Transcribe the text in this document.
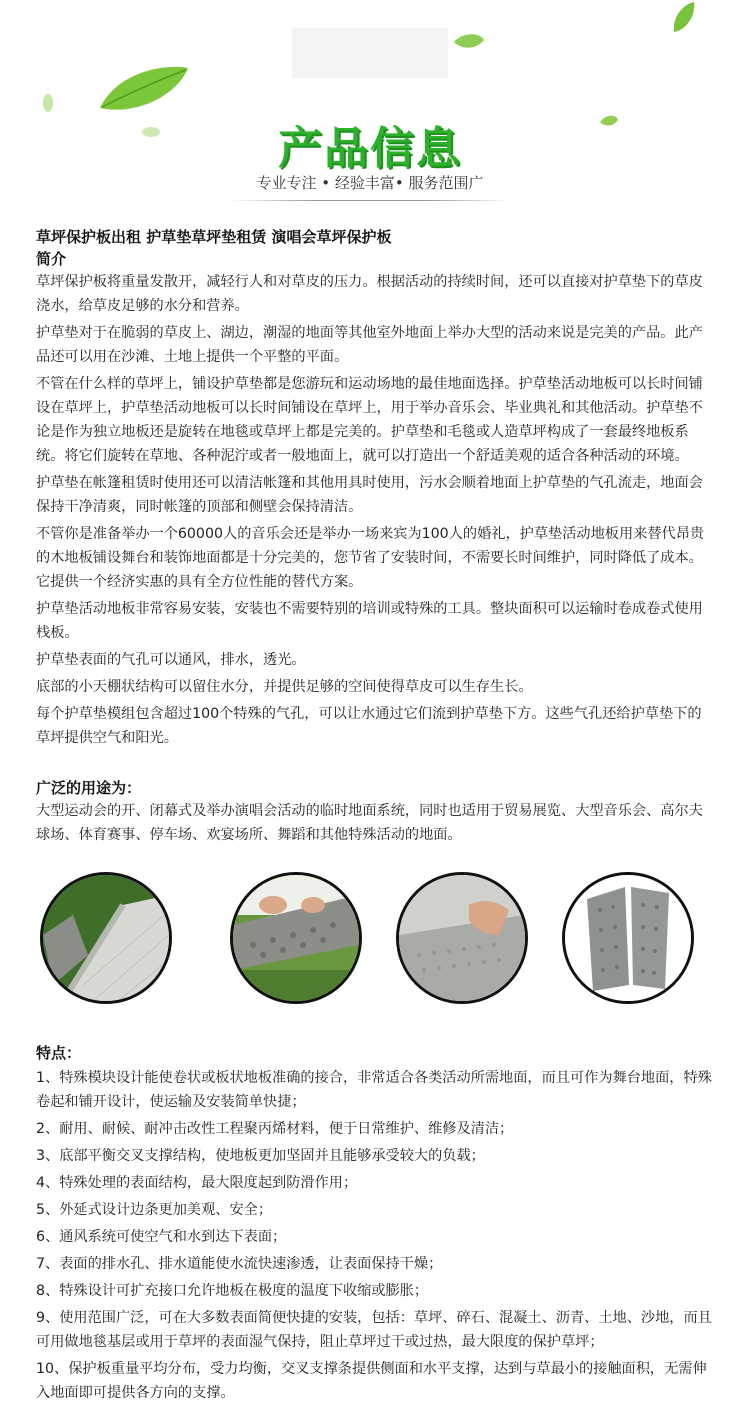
产品信息
专业专注 • 经验丰富• 服务范围广
草坪保护板出租 护草垫草坪垫租赁 演唱会草坪保护板
简介

草坪保护板将重量发散开，减轻行人和对草皮的压力。根据活动的持续时间，还可以直接对护草垫下的草皮浇水，给草皮足够的水分和营养。

护草垫对于在脆弱的草皮上、湖边，潮湿的地面等其他室外地面上举办大型的活动来说是完美的产品。此产品还可以用在沙滩、土地上提供一个平整的平面。

不管在什么样的草坪上，铺设护草垫都是您游玩和运动场地的最佳地面选择。护草垫活动地板可以长时间铺设在草坪上，护草垫活动地板可以长时间铺设在草坪上，用于举办音乐会、毕业典礼和其他活动。护草垫不论是作为独立地板还是旋转在地毯或草坪上都是完美的。护草垫和毛毯或人造草坪构成了一套最终地板系统。将它们旋转在草地、各种泥泞或者一般地面上，就可以打造出一个舒适美观的适合各种活动的环境。

护草垫在帐篷租赁时使用还可以清洁帐篷和其他用具时使用，污水会顺着地面上护草垫的气孔流走，地面会保持干净清爽，同时帐篷的顶部和侧壁会保持清洁。

不管你是准备举办一个60000人的音乐会还是举办一场来宾为100人的婚礼，护草垫活动地板用来替代昂贵的木地板铺设舞台和装饰地面都是十分完美的，您节省了安装时间，不需要长时间维护，同时降低了成本。它提供一个经济实惠的具有全方位性能的替代方案。

护草垫活动地板非常容易安装，安装也不需要特别的培训或特殊的工具。整块面积可以运输时卷成卷式使用栈板。

护草垫表面的气孔可以通风，排水，透光。

底部的小天棚状结构可以留住水分，并提供足够的空间使得草皮可以生存生长。

每个护草垫模组包含超过100个特殊的气孔，可以让水通过它们流到护草垫下方。这些气孔还给护草垫下的草坪提供空气和阳光。

广泛的用途为：

大型运动会的开、闭幕式及举办演唱会活动的临时地面系统，同时也适用于贸易展览、大型音乐会、高尔夫球场、体育赛事、停车场、欢宴场所、舞蹈和其他特殊活动的地面。

特点：

1、特殊模块设计能使卷状或板状地板准确的接合，非常适合各类活动所需地面，而且可作为舞台地面，特殊卷起和铺开设计，使运输及安装简单快捷；

2、耐用、耐候、耐冲击改性工程聚丙烯材料，便于日常维护、维修及清洁；

3、底部平衡交叉支撑结构，使地板更加坚固并且能够承受较大的负载；

4、特殊处理的表面结构，最大限度起到防滑作用；

5、外延式设计边条更加美观、安全；

6、通风系统可使空气和水到达下表面；

7、表面的排水孔、排水道能使水流快速渗透，让表面保持干燥；

8、特殊设计可扩充接口允许地板在极度的温度下收缩或膨胀；

9、使用范围广泛，可在大多数表面简便快捷的安装，包括：草坪、碎石、混凝土、沥青、土地、沙地，而且可用做地毯基层或用于草坪的表面湿气保持，阻止草坪过干或过热，最大限度的保护草坪；

10、保护板重量平均分布，受力均衡，交叉支撑条提供侧面和水平支撑，达到与草最小的接触面积，无需伸入地面即可提供各方向的支撑。
